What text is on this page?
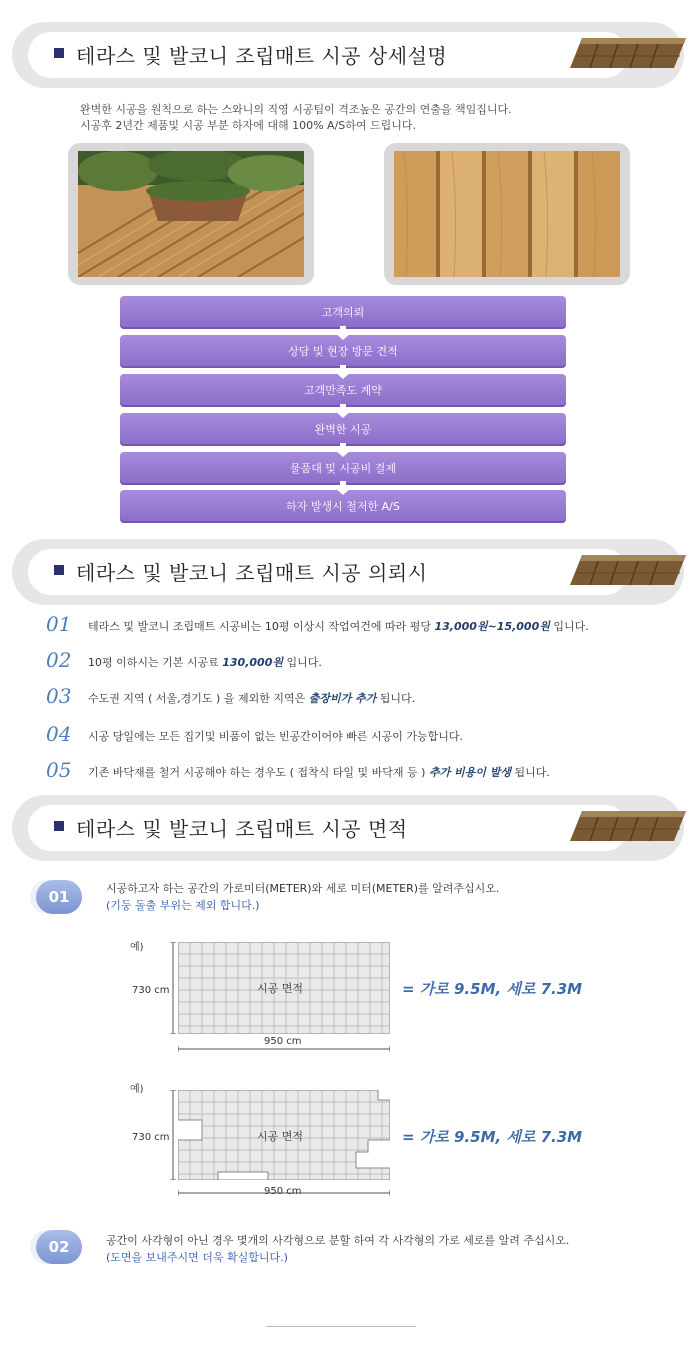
테라스 및 발코니 조립매트 시공 상세설명
완벽한 시공을 원칙으로 하는 스와니의 직영 시공팀이 격조높은 공간의 연출을 책임집니다.
시공후 2년간 제품및 시공 부분 하자에 대해 100% A/S하여 드립니다.
고객의뢰
상담 및 현장 방문 견적
고객만족도 계약
완벽한 시공
물품대 및 시공비 결제
하자 발생시 철저한 A/S
테라스 및 발코니 조립매트 시공 의뢰시
01 테라스 및 발코니 조립매트 시공비는 10평 이상시 작업여건에 따라 평당 13,000원~15,000원 입니다.
02 10평 이하시는 기본 시공료 130,000원 입니다.
03 수도권 지역 ( 서울,경기도 ) 을 제외한 지역은 출장비가 추가 됩니다.
04 시공 당일에는 모든 집기및 비품이 없는 빈공간이어야 빠른 시공이 가능합니다.
05 기존 바닥재를 철거 시공해야 하는 경우도 ( 접착식 타일 및 바닥재 등 ) 추가 비용이 발생 됩니다.
테라스 및 발코니 조립매트 시공 면적
01	시공하고자 하는 공간의 가로미터(METER)와 세로 미터(METER)를 알려주십시오.
(기둥 돌출 부위는 제외 합니다.)
예)
730 cm	시공 면적
950 cm
= 가로 9.5M, 세로 7.3M
예)
730 cm	시공 면적
950 cm
= 가로 9.5M, 세로 7.3M
02	공간이 사각형이 아닌 경우 몇개의 사각형으로 분할 하여 각 사각형의 가로 세로를 알려 주십시오.
(도면을 보내주시면 더욱 확실합니다.)
